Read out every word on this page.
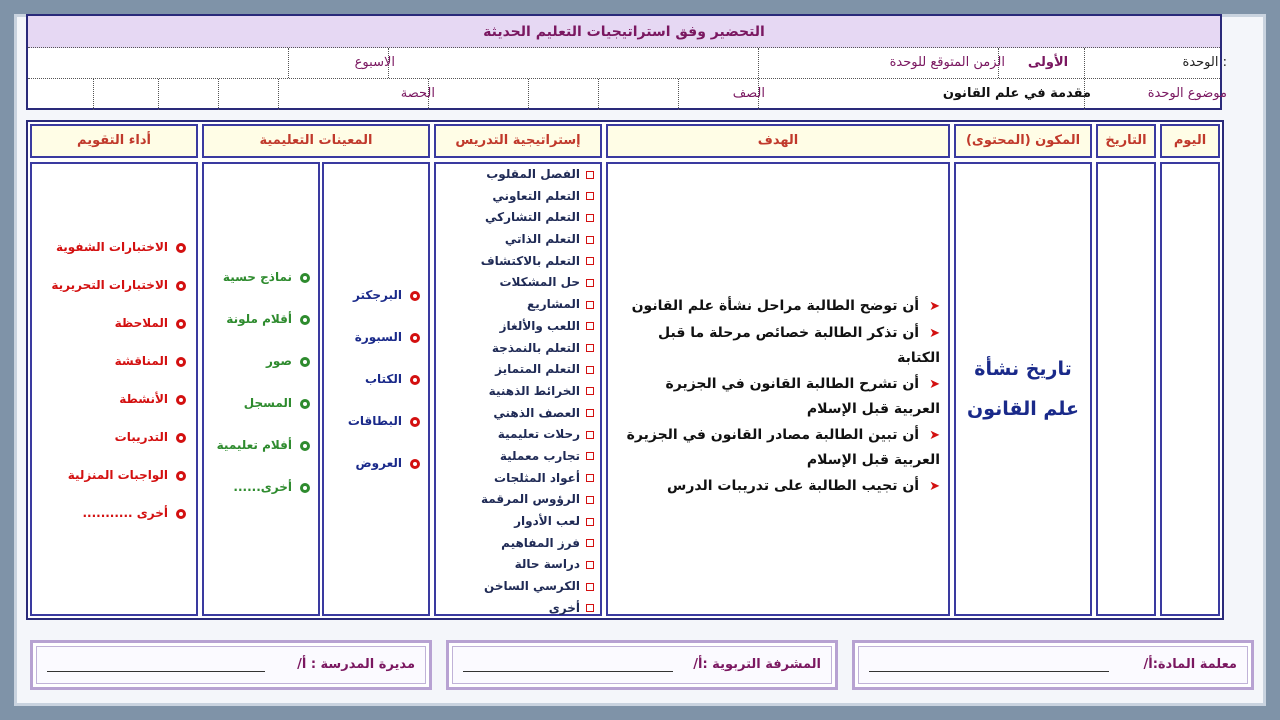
التحضير وفق استراتيجيات التعليم الحديثة
الوحدة :
الأولى
الزمن المتوقع للوحدة
الاسبوع
موضوع الوحدة
مقدمة في علم القانون
الصف
الحصة
اليوم
التاريخ
المكون (المحتوى)
تاريخ نشأة
علم القانون
الهدف
➤أن توضح الطالبة مراحل نشأة علم القانون
➤أن تذكر الطالبة خصائص مرحلة ما قبل الكتابة
➤أن تشرح الطالبة القانون في الجزيرة العربية قبل الإسلام
➤أن تبين الطالبة مصادر القانون في الجزيرة العربية قبل الإسلام
➤أن تجيب الطالبة على تدريبات الدرس
إستراتيجية التدريس
الفصل المقلوب
التعلم التعاوني
التعلم التشاركي
التعلم الذاتي
التعلم بالاكتشاف
حل المشكلات
المشاريع
اللعب والألغاز
التعلم بالنمذجة
التعلم المتمايز
الخرائط الذهنية
العصف الذهني
رحلات تعليمية
تجارب معملية
أعواد المثلجات
الرؤوس المرقمة
لعب الأدوار
فرز المفاهيم
دراسة حالة
الكرسي الساخن
أخرى
المعينات التعليمية
البرجكتر
السبورة
الكتاب
البطاقات
العروض
نماذج حسية
أقلام ملونة
صور
المسجل
أفلام تعليمية
أخرى......
أداء التقويم
الاختبارات الشفوية
الاختبارات التحريرية
الملاحظة
المناقشة
الأنشطة
التدريبات
الواجبات المنزلية
أخرى ...........
معلمة المادة:أ/
المشرفة التربوية :أ/
مديرة المدرسة : أ/
